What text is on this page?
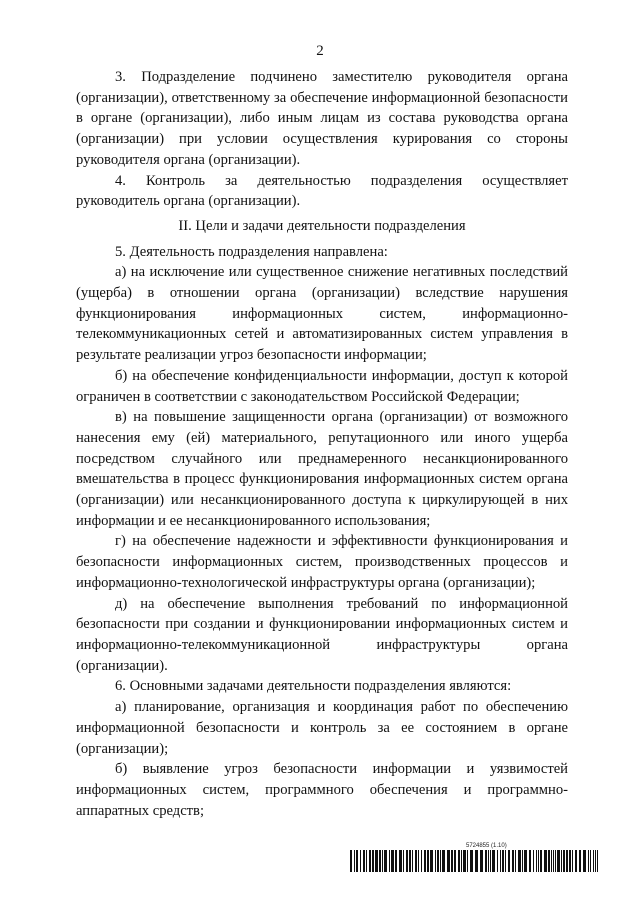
2

3. Подразделение подчинено заместителю руководителя органа (организации), ответственному за обеспечение информационной безопасности в органе (организации), либо иным лицам из состава руководства органа (организации) при условии осуществления курирования со стороны руководителя органа (организации).

4. Контроль за деятельностью подразделения осуществляет руководитель органа (организации).

II. Цели и задачи деятельности подразделения

5. Деятельность подразделения направлена:

а) на исключение или существенное снижение негативных последствий (ущерба) в отношении органа (организации) вследствие нарушения функционирования информационных систем, информационно-телекоммуникационных сетей и автоматизированных систем управления в результате реализации угроз безопасности информации;

б) на обеспечение конфиденциальности информации, доступ к которой ограничен в соответствии с законодательством Российской Федерации;

в) на повышение защищенности органа (организации) от возможного нанесения ему (ей) материального, репутационного или иного ущерба посредством случайного или преднамеренного несанкционированного вмешательства в процесс функционирования информационных систем органа (организации) или несанкционированного доступа к циркулирующей в них информации и ее несанкционированного использования;

г) на обеспечение надежности и эффективности функционирования и безопасности информационных систем, производственных процессов и информационно-технологической инфраструктуры органа (организации);

д) на обеспечение выполнения требований по информационной безопасности при создании и функционировании информационных систем и информационно-телекоммуникационной инфраструктуры органа (организации).

6. Основными задачами деятельности подразделения являются:

а) планирование, организация и координация работ по обеспечению информационной безопасности и контроль за ее состоянием в органе (организации);

б) выявление угроз безопасности информации и уязвимостей информационных систем, программного обеспечения и программно-аппаратных средств;

5724855 (1.10)
